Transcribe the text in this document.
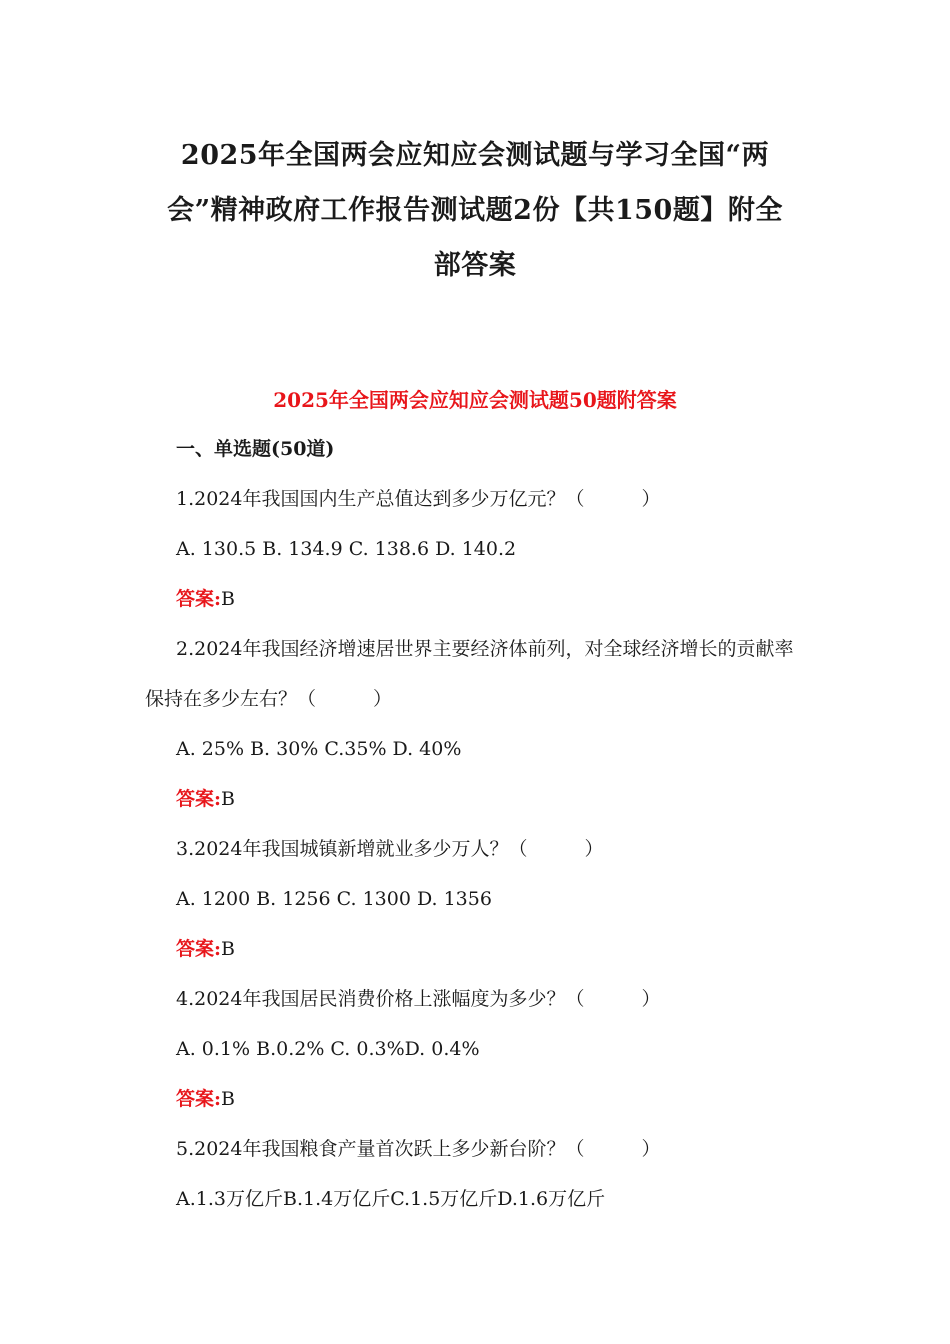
2025年全国两会应知应会测试题与学习全国“两
会”精神政府工作报告测试题2份【共150题】附全
部答案
2025年全国两会应知应会测试题50题附答案

一、单选题(50道)

1.2024年我国国内生产总值达到多少万亿元？（　　　）

A. 130.5 B. 134.9 C. 138.6 D. 140.2

答案:B

2.2024年我国经济增速居世界主要经济体前列，对全球经济增长的贡献率保持在多少左右？（　　　）

A. 25% B. 30% C.35% D. 40%

答案:B

3.2024年我国城镇新增就业多少万人？（　　　）

A. 1200 B. 1256 C. 1300 D. 1356

答案:B

4.2024年我国居民消费价格上涨幅度为多少？（　　　）

A. 0.1% B.0.2% C. 0.3%D. 0.4%

答案:B

5.2024年我国粮食产量首次跃上多少新台阶？（　　　）

A.1.3万亿斤B.1.4万亿斤C.1.5万亿斤D.1.6万亿斤
